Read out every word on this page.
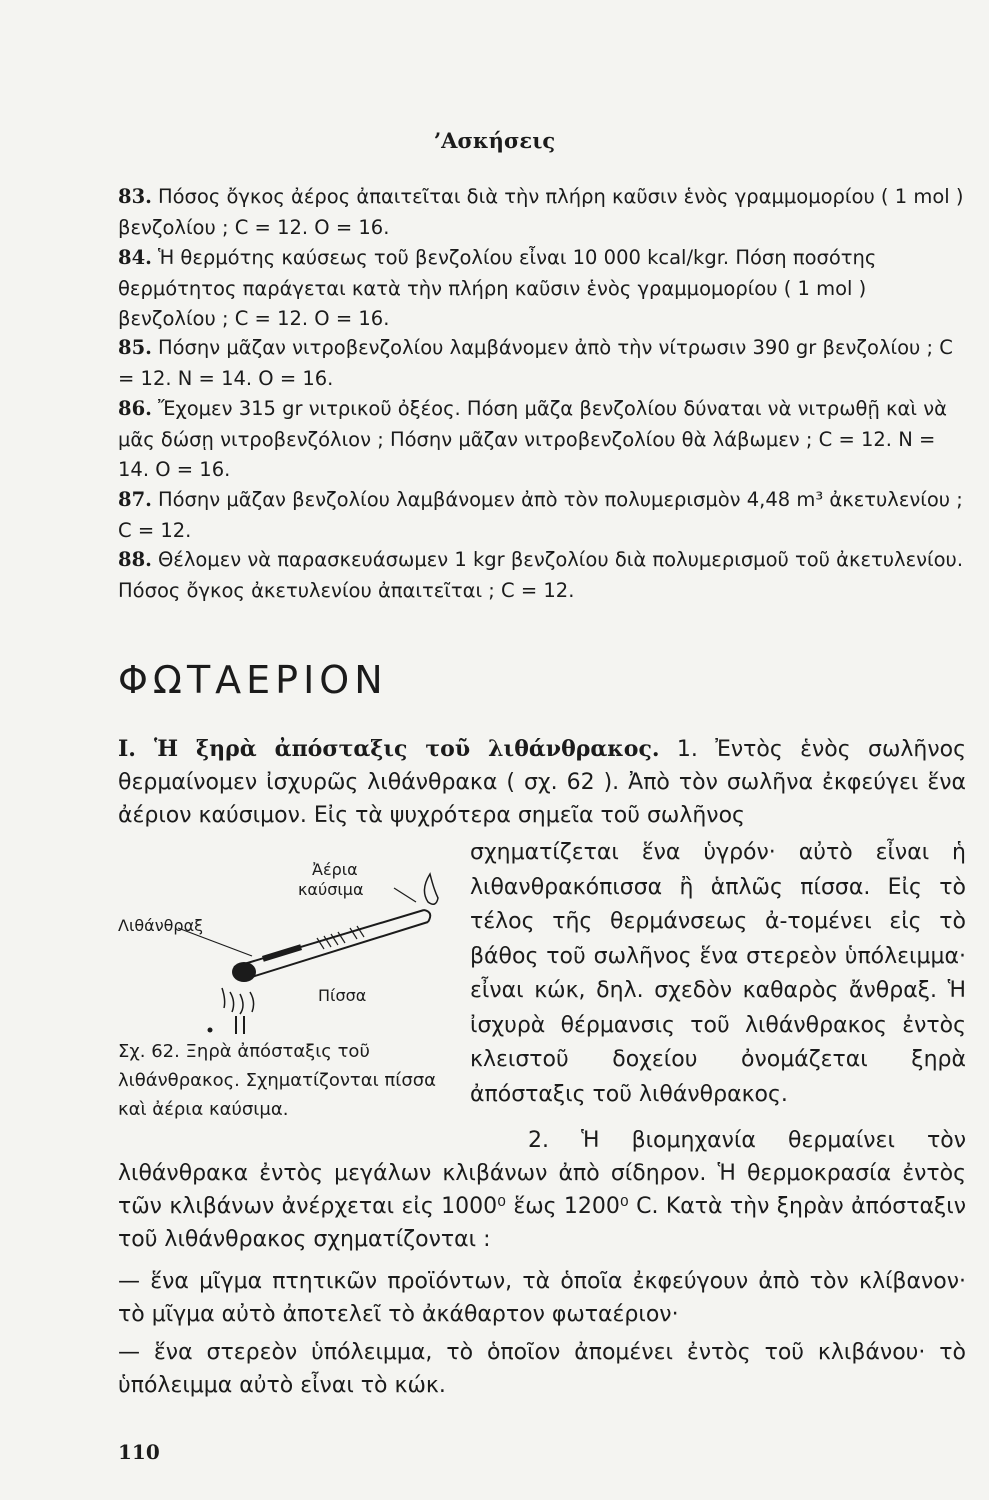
’Ασκήσεις
83. Πόσος ὄγκος ἀέρος ἀπαιτεῖται διὰ τὴν πλήρη καῦσιν ἑνὸς γραμμομορίου ( 1 mol ) βενζολίου ; C = 12. O = 16.
84. Ἡ θερμότης καύσεως τοῦ βενζολίου εἶναι 10 000 kcal/kgr. Πόση ποσότης θερμότητος παράγεται κατὰ τὴν πλήρη καῦσιν ἑνὸς γραμμομορίου ( 1 mol ) βενζολίου ; C = 12. O = 16.
85. Πόσην μᾶζαν νιτροβενζολίου λαμβάνομεν ἀπὸ τὴν νίτρωσιν 390 gr βενζολίου ; C = 12. N = 14. O = 16.
86. Ἔχομεν 315 gr νιτρικοῦ ὀξέος. Πόση μᾶζα βενζολίου δύναται νὰ νιτρωθῇ καὶ νὰ μᾶς δώσῃ νιτροβενζόλιον ; Πόσην μᾶζαν νιτροβενζολίου θὰ λάβωμεν ; C = 12. N = 14. O = 16.
87. Πόσην μᾶζαν βενζολίου λαμβάνομεν ἀπὸ τὸν πολυμερισμὸν 4,48 m³ ἀκετυλενίου ; C = 12.
88. Θέλομεν νὰ παρασκευάσωμεν 1 kgr βενζολίου διὰ πολυμερισμοῦ τοῦ ἀκετυλενίου. Πόσος ὄγκος ἀκετυλενίου ἀπαιτεῖται ; C = 12.
ΦΩΤΑΕΡΙΟΝ
Ι. Ἡ ξηρὰ ἀπόσταξις τοῦ λιθάνθρακος. 1. Ἐντὸς ἑνὸς σωλῆνος θερμαίνομεν ἰσχυρῶς λιθάνθρακα ( σχ. 62 ). Ἀπὸ τὸν σωλῆνα ἐκφεύγει ἕνα ἀέριον καύσιμον. Εἰς τὰ ψυχρότερα σημεῖα τοῦ σωλῆνος
Ἀέρια
καύσιμα
Λιθάνθραξ
Πίσσα
Σχ. 62. Ξηρὰ ἀπόσταξις τοῦ λιθάνθρακος. Σχηματίζονται πίσσα καὶ ἀέρια καύσιμα.
σχηματίζεται ἕνα ὑγρόν· αὐτὸ εἶναι ἡ λιθανθρακόπισσα ἢ ἁπλῶς πίσσα. Εἰς τὸ τέλος τῆς θερμάνσεως ἀ-τομένει εἰς τὸ βάθος τοῦ σωλῆνος ἕνα στερεὸν ὑπόλειμμα· εἶναι κώκ, δηλ. σχεδὸν καθαρὸς ἄνθραξ. Ἡ ἰσχυρὰ θέρμανσις τοῦ λιθάνθρακος ἐντὸς κλειστοῦ δοχείου ὀνομάζεται ξηρὰ ἀπόσταξις τοῦ λιθάνθρακος.
2. Ἡ βιομηχανία θερμαίνει τὸν λιθάνθρακα ἐντὸς μεγάλων κλιβάνων ἀπὸ σίδηρον. Ἡ θερμοκρασία ἐντὸς τῶν κλιβάνων ἀνέρχεται εἰς 1000⁰ ἕως 1200⁰ C. Κατὰ τὴν ξηρὰν ἀπόσταξιν τοῦ λιθάνθρακος σχηματίζονται :
— ἕνα μῖγμα πτητικῶν προϊόντων, τὰ ὁποῖα ἐκφεύγουν ἀπὸ τὸν κλίβανον· τὸ μῖγμα αὐτὸ ἀποτελεῖ τὸ ἀκάθαρτον φωταέριον·
— ἕνα στερεὸν ὑπόλειμμα, τὸ ὁποῖον ἀπομένει ἐντὸς τοῦ κλιβάνου· τὸ ὑπόλειμμα αὐτὸ εἶναι τὸ κώκ.
110
